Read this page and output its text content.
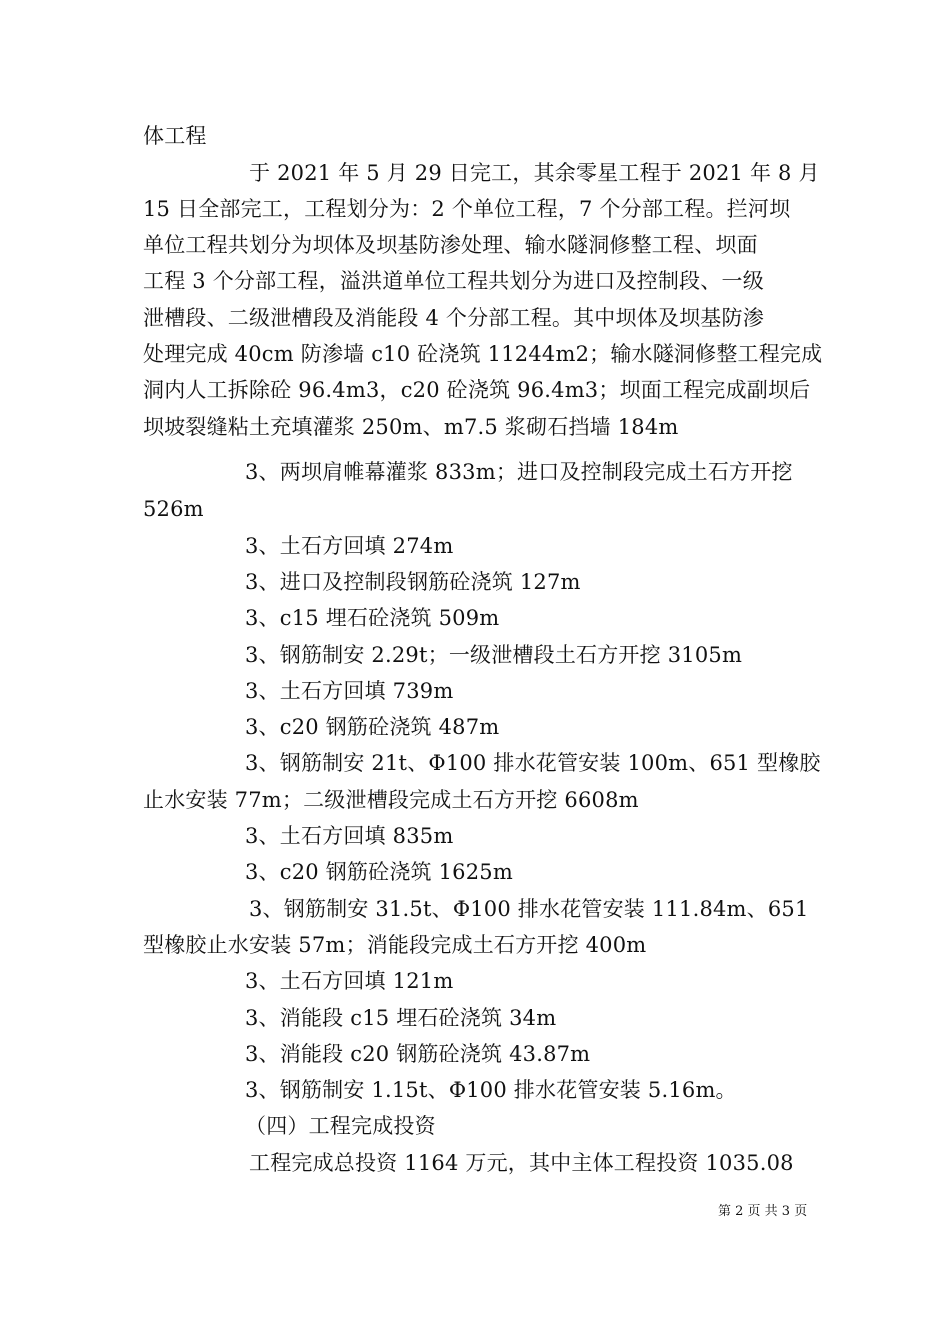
体工程
于 2021 年 5 月 29 日完工，其余零星工程于 2021 年 8 月
15 日全部完工，工程划分为：2 个单位工程，7 个分部工程。拦河坝
单位工程共划分为坝体及坝基防渗处理、输水隧洞修整工程、坝面
工程 3 个分部工程，溢洪道单位工程共划分为进口及控制段、一级
泄槽段、二级泄槽段及消能段 4 个分部工程。其中坝体及坝基防渗
处理完成 40cm 防渗墙 c10 砼浇筑 11244m2；输水隧洞修整工程完成
洞内人工拆除砼 96.4m3，c20 砼浇筑 96.4m3；坝面工程完成副坝后
坝坡裂缝粘土充填灌浆 250m、m7.5 浆砌石挡墙 184m
3、两坝肩帷幕灌浆 833m；进口及控制段完成土石方开挖
526m
3、土石方回填 274m
3、进口及控制段钢筋砼浇筑 127m
3、c15 埋石砼浇筑 509m
3、钢筋制安 2.29t；一级泄槽段土石方开挖 3105m
3、土石方回填 739m
3、c20 钢筋砼浇筑 487m
3、钢筋制安 21t、Φ100 排水花管安装 100m、651 型橡胶
止水安装 77m；二级泄槽段完成土石方开挖 6608m
3、土石方回填 835m
3、c20 钢筋砼浇筑 1625m
3、钢筋制安 31.5t、Φ100 排水花管安装 111.84m、651
型橡胶止水安装 57m；消能段完成土石方开挖 400m
3、土石方回填 121m
3、消能段 c15 埋石砼浇筑 34m
3、消能段 c20 钢筋砼浇筑 43.87m
3、钢筋制安 1.15t、Φ100 排水花管安装 5.16m。
（四）工程完成投资
工程完成总投资 1164 万元，其中主体工程投资 1035.08
第 2 页 共 3 页
